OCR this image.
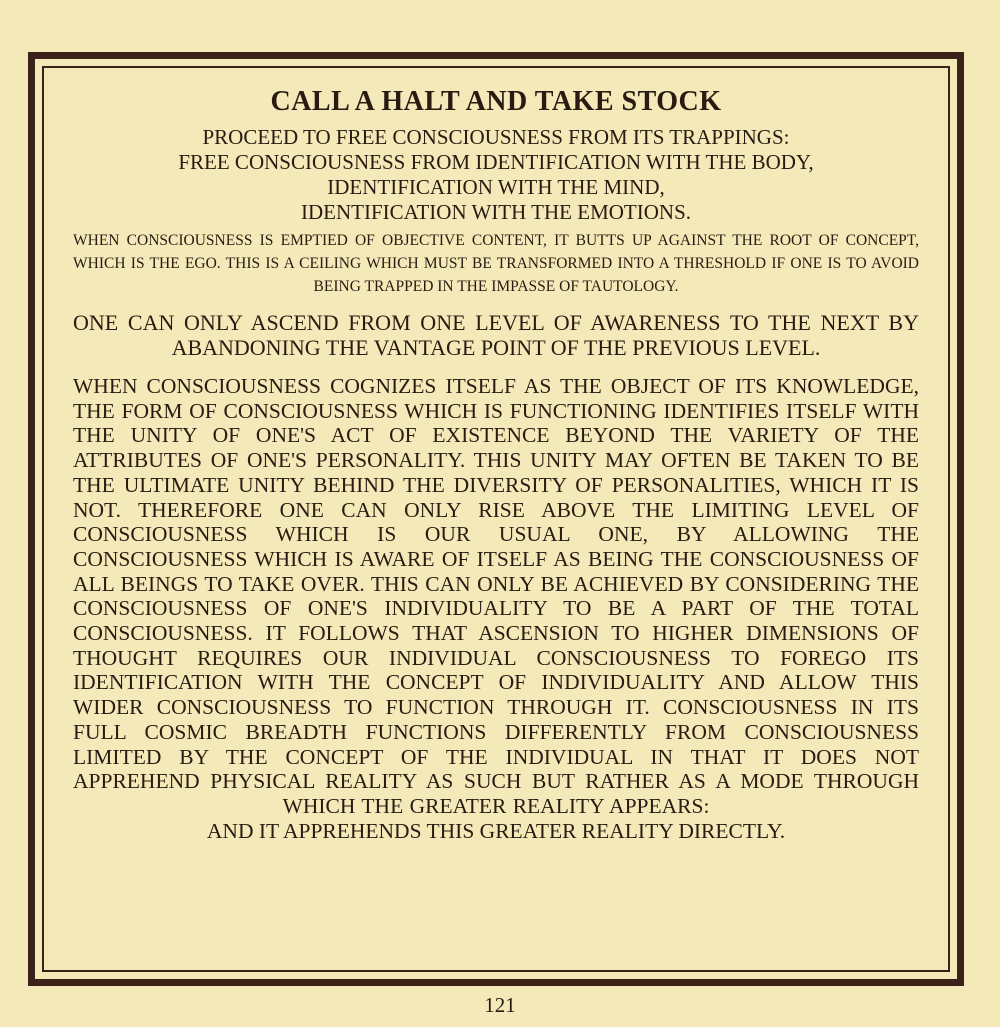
CALL A HALT AND TAKE STOCK

PROCEED TO FREE CONSCIOUSNESS FROM ITS TRAPPINGS:

FREE CONSCIOUSNESS FROM IDENTIFICATION WITH THE BODY,

IDENTIFICATION WITH THE MIND,

IDENTIFICATION WITH THE EMOTIONS.

WHEN CONSCIOUSNESS IS EMPTIED OF OBJECTIVE CONTENT, IT BUTTS UP AGAINST THE ROOT OF CONCEPT, WHICH IS THE EGO. THIS IS A CEILING WHICH MUST BE TRANSFORMED INTO A THRESHOLD IF ONE IS TO AVOID BEING TRAPPED IN THE IMPASSE OF TAUTOLOGY.

ONE CAN ONLY ASCEND FROM ONE LEVEL OF AWARENESS TO THE NEXT BY ABANDONING THE VANTAGE POINT OF THE PREVIOUS LEVEL.

WHEN CONSCIOUSNESS COGNIZES ITSELF AS THE OBJECT OF ITS KNOWLEDGE, THE FORM OF CONSCIOUSNESS WHICH IS FUNCTIONING IDENTIFIES ITSELF WITH THE UNITY OF ONE'S ACT OF EXISTENCE BEYOND THE VARIETY OF THE ATTRIBUTES OF ONE'S PERSONALITY. THIS UNITY MAY OFTEN BE TAKEN TO BE THE ULTIMATE UNITY BEHIND THE DIVERSITY OF PERSONALITIES, WHICH IT IS NOT. THEREFORE ONE CAN ONLY RISE ABOVE THE LIMITING LEVEL OF CONSCIOUSNESS WHICH IS OUR USUAL ONE, BY ALLOWING THE CONSCIOUSNESS WHICH IS AWARE OF ITSELF AS BEING THE CONSCIOUSNESS OF ALL BEINGS TO TAKE OVER. THIS CAN ONLY BE ACHIEVED BY CONSIDERING THE CONSCIOUSNESS OF ONE'S INDIVIDUALITY TO BE A PART OF THE TOTAL CONSCIOUSNESS. IT FOLLOWS THAT ASCENSION TO HIGHER DIMENSIONS OF THOUGHT REQUIRES OUR INDIVIDUAL CONSCIOUSNESS TO FOREGO ITS IDENTIFICATION WITH THE CONCEPT OF INDIVIDUALITY AND ALLOW THIS WIDER CONSCIOUSNESS TO FUNCTION THROUGH IT. CONSCIOUSNESS IN ITS FULL COSMIC BREADTH FUNCTIONS DIFFERENTLY FROM CONSCIOUSNESS LIMITED BY THE CONCEPT OF THE INDIVIDUAL IN THAT IT DOES NOT APPREHEND PHYSICAL REALITY AS SUCH BUT RATHER AS A MODE THROUGH WHICH THE GREATER REALITY APPEARS:

AND IT APPREHENDS THIS GREATER REALITY DIRECTLY.

121
